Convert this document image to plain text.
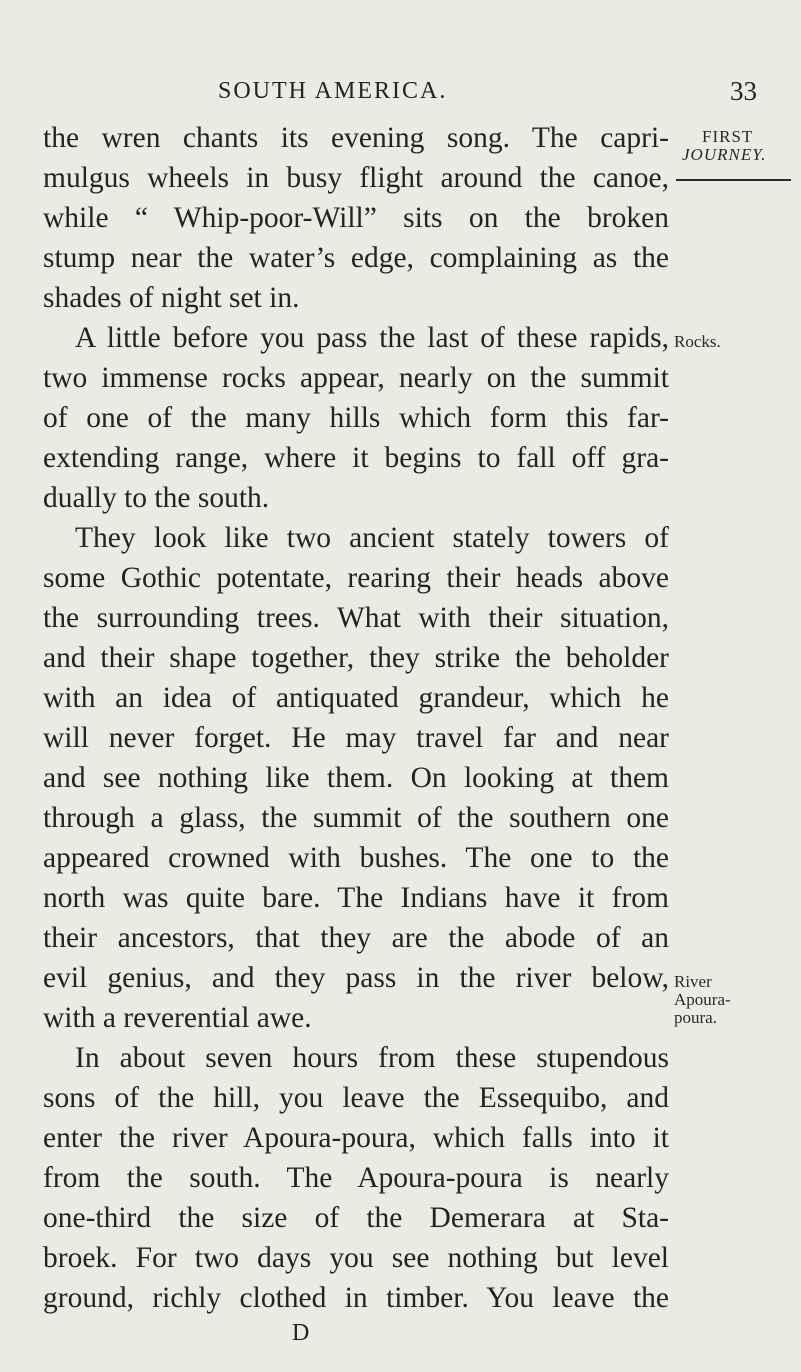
SOUTH AMERICA.	33
FIRST
JOURNEY.
Rocks.
River
Apoura-
poura.
the wren chants its evening song. The capri-
mulgus wheels in busy flight around the canoe,
while “ Whip-poor-Will” sits on the broken
stump near the water’s edge, complaining as the
shades of night set in.
A little before you pass the last of these rapids,
two immense rocks appear, nearly on the summit
of one of the many hills which form this far-
extending range, where it begins to fall off gra-
dually to the south.
They look like two ancient stately towers of
some Gothic potentate, rearing their heads above
the surrounding trees. What with their situation,
and their shape together, they strike the beholder
with an idea of antiquated grandeur, which he
will never forget. He may travel far and near
and see nothing like them. On looking at them
through a glass, the summit of the southern one
appeared crowned with bushes. The one to the
north was quite bare. The Indians have it from
their ancestors, that they are the abode of an
evil genius, and they pass in the river below,
with a reverential awe.
In about seven hours from these stupendous
sons of the hill, you leave the Essequibo, and
enter the river Apoura-poura, which falls into it
from the south. The Apoura-poura is nearly
one-third the size of the Demerara at Sta-
broek. For two days you see nothing but level
ground, richly clothed in timber. You leave the
D
